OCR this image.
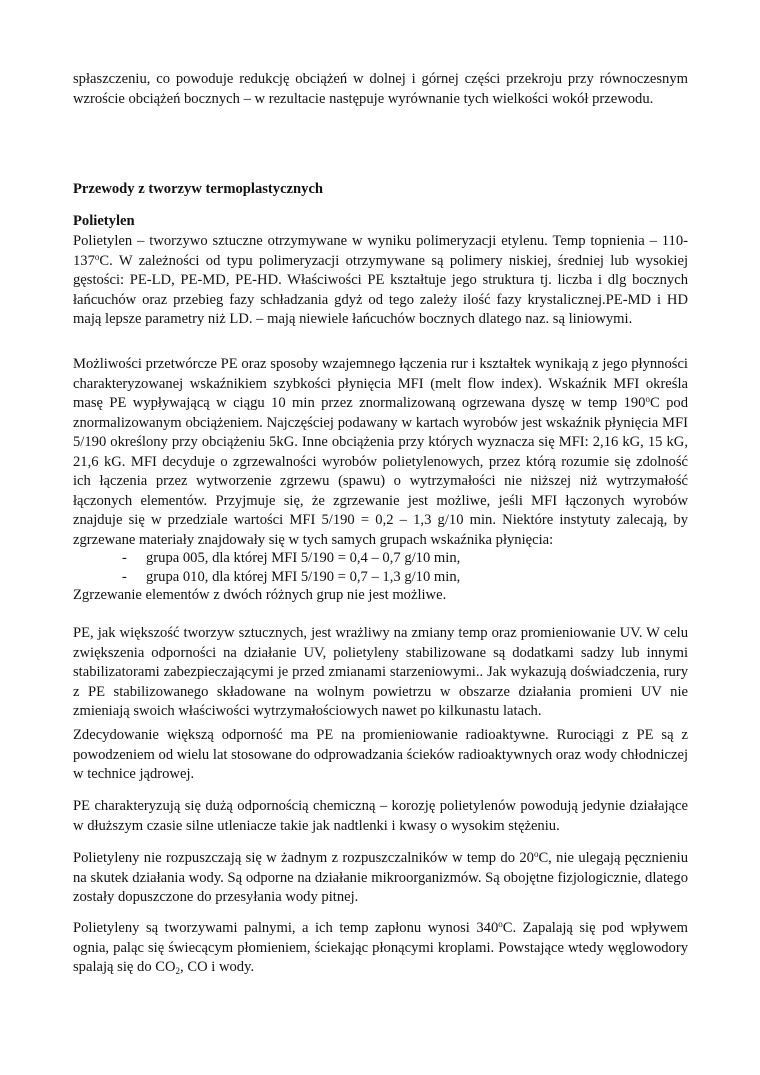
spłaszczeniu, co powoduje redukcję obciążeń w dolnej i górnej części przekroju przy równoczesnym wzroście obciążeń bocznych – w rezultacie następuje wyrównanie tych wielkości wokół przewodu.

Przewody z tworzyw termoplastycznych

Polietylen

Polietylen – tworzywo sztuczne otrzymywane w wyniku polimeryzacji etylenu. Temp topnienia – 110-137$^o$C. W zależności od typu polimeryzacji otrzymywane są polimery niskiej, średniej lub wysokiej gęstości: PE-LD, PE-MD, PE-HD. Właściwości PE kształtuje jego struktura tj. liczba i dlg bocznych łańcuchów oraz przebieg fazy schładzania gdyż od tego zależy ilość fazy krystalicznej.PE-MD i HD mają lepsze parametry niż LD. – mają niewiele łańcuchów bocznych dlatego naz. są liniowymi.

Możliwości przetwórcze PE oraz sposoby wzajemnego łączenia rur i kształtek wynikają z jego płynności charakteryzowanej wskaźnikiem szybkości płynięcia MFI (melt flow index). Wskaźnik MFI określa masę PE wypływającą w ciągu 10 min przez znormalizowaną ogrzewana dyszę w temp 190$^o$C pod znormalizowanym obciążeniem. Najczęściej podawany w kartach wyrobów jest wskaźnik płynięcia MFI 5/190 określony przy obciążeniu 5kG. Inne obciążenia przy których wyznacza się MFI: 2,16 kG, 15 kG, 21,6 kG. MFI decyduje o zgrzewalności wyrobów polietylenowych, przez którą rozumie się zdolność ich łączenia przez wytworzenie zgrzewu (spawu) o wytrzymałości nie niższej niż wytrzymałość łączonych elementów. Przyjmuje się, że zgrzewanie jest możliwe, jeśli MFI łączonych wyrobów znajduje się w przedziale wartości MFI 5/190 = 0,2 – 1,3 g/10 min. Niektóre instytuty zalecają, by zgrzewane materiały znajdowały się w tych samych grupach wskaźnika płynięcia:

- grupa 005, dla której MFI 5/190 = 0,4 – 0,7 g/10 min,

- grupa 010, dla której MFI 5/190 = 0,7 – 1,3 g/10 min,

Zgrzewanie elementów z dwóch różnych grup nie jest możliwe.

PE, jak większość tworzyw sztucznych, jest wrażliwy na zmiany temp oraz promieniowanie UV. W celu zwiększenia odporności na działanie UV, polietyleny stabilizowane są dodatkami sadzy lub innymi stabilizatorami zabezpieczającymi je przed zmianami starzeniowymi.. Jak wykazują doświadczenia, rury z PE stabilizowanego składowane na wolnym powietrzu w obszarze działania promieni UV nie zmieniają swoich właściwości wytrzymałościowych nawet po kilkunastu latach.

Zdecydowanie większą odporność ma PE na promieniowanie radioaktywne. Rurociągi z PE są z powodzeniem od wielu lat stosowane do odprowadzania ścieków radioaktywnych oraz wody chłodniczej w technice jądrowej.

PE charakteryzują się dużą odpornością chemiczną – korozję polietylenów powodują jedynie działające w dłuższym czasie silne utleniacze takie jak nadtlenki i kwasy o wysokim stężeniu.

Polietyleny nie rozpuszczają się w żadnym z rozpuszczalników w temp do 20$^o$C, nie ulegają pęcznieniu na skutek działania wody. Są odporne na działanie mikroorganizmów. Są obojętne fizjologicznie, dlatego zostały dopuszczone do przesyłania wody pitnej.

Polietyleny są tworzywami palnymi, a ich temp zapłonu wynosi 340$^o$C. Zapalają się pod wpływem ognia, paląc się świecącym płomieniem, ściekając płonącymi kroplami. Powstające wtedy węglowodory spalają się do $CO_2$, CO i wody.
